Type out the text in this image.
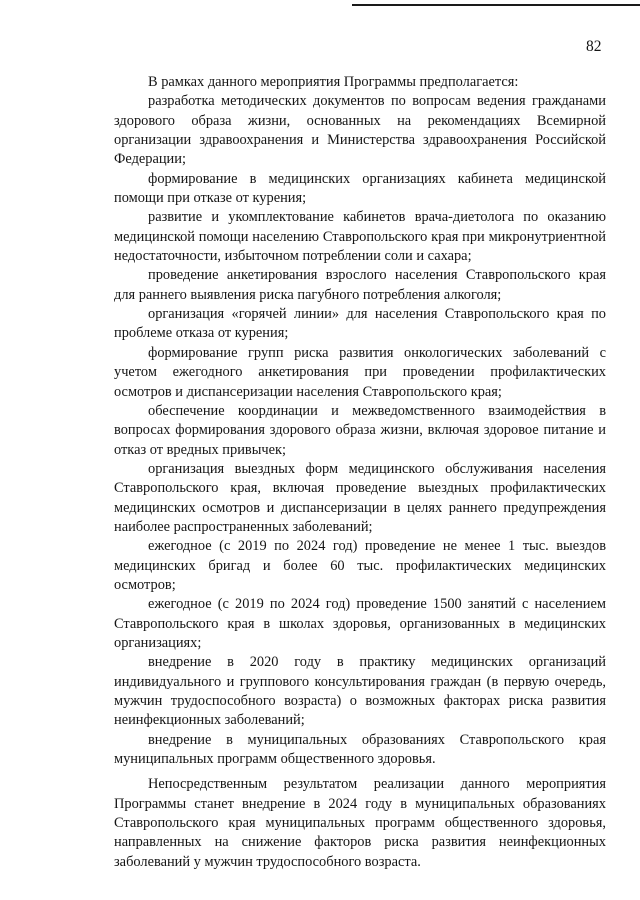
82

В рамках данного мероприятия Программы предполагается:

разработка методических документов по вопросам ведения гражданами здорового образа жизни, основанных на рекомендациях Всемирной организации здравоохранения и Министерства здравоохранения Российской Федерации;

формирование в медицинских организациях кабинета медицинской помощи при отказе от курения;

развитие и укомплектование кабинетов врача-диетолога по оказанию медицинской помощи населению Ставропольского края при микронутриентной недостаточности, избыточном потреблении соли и сахара;

проведение анкетирования взрослого населения Ставропольского края для раннего выявления риска пагубного потребления алкоголя;

организация «горячей линии» для населения Ставропольского края по проблеме отказа от курения;

формирование групп риска развития онкологических заболеваний с учетом ежегодного анкетирования при проведении профилактических осмотров и диспансеризации населения Ставропольского края;

обеспечение координации и межведомственного взаимодействия в вопросах формирования здорового образа жизни, включая здоровое питание и отказ от вредных привычек;

организация выездных форм медицинского обслуживания населения Ставропольского края, включая проведение выездных профилактических медицинских осмотров и диспансеризации в целях раннего предупреждения наиболее распространенных заболеваний;

ежегодное (с 2019 по 2024 год) проведение не менее 1 тыс. выездов медицинских бригад и более 60 тыс. профилактических медицинских осмотров;

ежегодное (с 2019 по 2024 год) проведение 1500 занятий с населением Ставропольского края в школах здоровья, организованных в медицинских организациях;

внедрение в 2020 году в практику медицинских организаций индивидуального и группового консультирования граждан (в первую очередь, мужчин трудоспособного возраста) о возможных факторах риска развития неинфекционных заболеваний;

внедрение в муниципальных образованиях Ставропольского края муниципальных программ общественного здоровья.

Непосредственным результатом реализации данного мероприятия Программы станет внедрение в 2024 году в муниципальных образованиях Ставропольского края муниципальных программ общественного здоровья, направленных на снижение факторов риска развития неинфекционных заболеваний у мужчин трудоспособного возраста.
